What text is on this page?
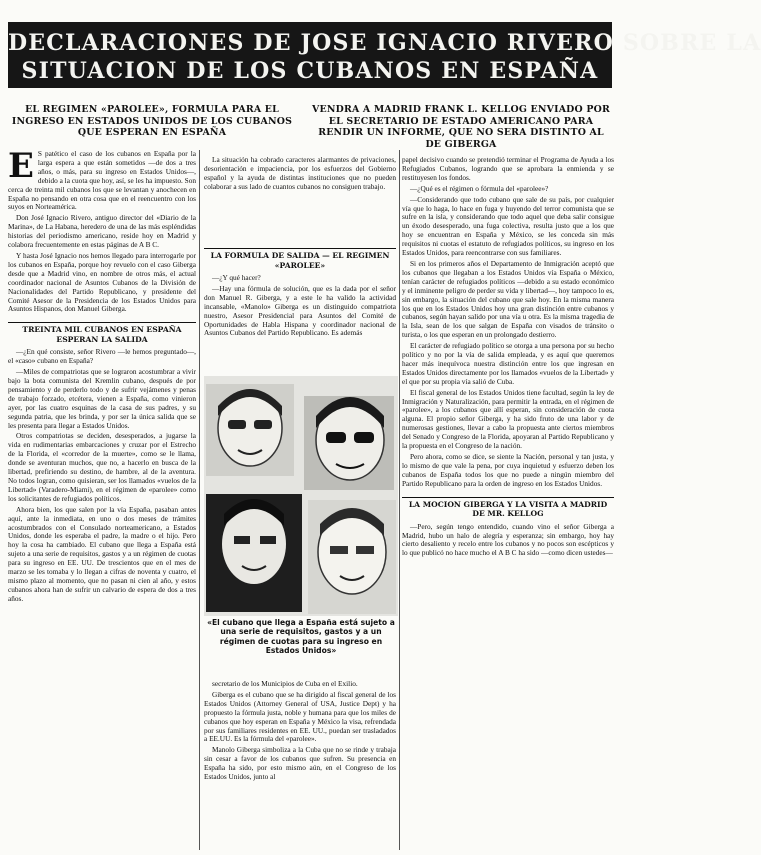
DECLARACIONES DE JOSE IGNACIO RIVERO SOBRE LA
SITUACION DE LOS CUBANOS EN ESPAÑA
EL REGIMEN «PAROLEE», FORMULA PARA EL INGRESO EN ESTADOS UNIDOS DE LOS CUBANOS QUE ESPERAN EN ESPAÑA
VENDRA A MADRID FRANK L. KELLOG ENVIADO POR EL SECRETARIO DE ESTADO AMERICANO PARA RENDIR UN INFORME, QUE NO SERA DISTINTO AL DE GIBERGA

E S patético el caso de los cubanos en España por la larga espera a que están sometidos —de dos a tres años, o más, para su ingreso en Estados Unidos—, debido a la cuota que hoy, así, se les ha impuesto. Son cerca de treinta mil cubanos los que se levantan y anochecen en España no pensando en otra cosa que en el reencuentro con los suyos en Norteamérica.

Don José Ignacio Rivero, antiguo director del «Diario de la Marina», de La Habana, heredero de una de las más espléndidas historias del periodismo americano, reside hoy en Madrid y colabora frecuentemente en estas páginas de A B C.

Y hasta José Ignacio nos hemos llegado para interrogarle por los cubanos en España, porque hoy revuelo con el caso Giberga desde que a Madrid vino, en nombre de otros más, el actual coordinador nacional de Asuntos Cubanos de la División de Nacionalidades del Partido Republicano, y presidente del Comité Asesor de la Presidencia de los Estados Unidos para Asuntos Hispanos, don Manuel Giberga.

TREINTA MIL CUBANOS EN ESPAÑA ESPERAN LA SALIDA

—¿En qué consiste, señor Rivero —le hemos preguntado—, el «caso» cubano en España?

—Miles de compatriotas que se lograron acostumbrar a vivir bajo la bota comunista del Kremlin cubano, después de por pensamiento y de perderlo todo y de sufrir vejámenes y penas de trabajo forzado, etcétera, vienen a España, como vinieron ayer, por las cuatro esquinas de la casa de sus padres, y su segunda patria, que les brinda, y por ser la única salida que se les presenta para llegar a Estados Unidos.

Otros compatriotas se deciden, desesperados, a jugarse la vida en rudimentarias embarcaciones y cruzar por el Estrecho de la Florida, el «corredor de la muerte», como se le llama, donde se aventuran muchos, que no, a hacerlo en busca de la libertad, prefiriendo su destino, de hambre, al de la aventura. No todos logran, como quisieran, ser los llamados «vuelos de la Libertad» (Varadero-Miami), en el régimen de «parolee» como los solicitantes de refugiados políticos.

Ahora bien, los que salen por la vía España, pasaban antes aquí, ante la inmediata, en uno o dos meses de trámites acostumbrados con el Consulado norteamericano, a Estados Unidos, donde les esperaba el padre, la madre o el hijo. Pero hoy la cosa ha cambiado. El cubano que llega a España está sujeto a una serie de requisitos, gastos y a un régimen de cuotas para su ingreso en EE. UU. De trescientos que en el mes de marzo se les tomaba y lo llegan a cifras de noventa y cuatro, el mismo plazo al momento, que no pasan ni cien al año, y estos cubanos ahora han de sufrir un calvario de espera de dos a tres años.

La situación ha cobrado caracteres alarmantes de privaciones, desorientación e impaciencia, por los esfuerzos del Gobierno español y la ayuda de distintas instituciones que no pueden colaborar a sus lado de cuantos cubanos no consiguen trabajo.

LA FORMULA DE SALIDA — EL REGIMEN «PAROLEE»

—¿Y qué hacer?

—Hay una fórmula de solución, que es la dada por el señor don Manuel R. Giberga, y a este le ha valido la actividad incansable, «Manolo» Giberga es un distinguido compatriota nuestro, Asesor Presidencial para Asuntos del Comité de Oportunidades de Habla Hispana y coordinador nacional de Asuntos Cubanos del Partido Republicano. Es además

«El cubano que llega a España está sujeto a una serie de requisitos, gastos y a un régimen de cuotas para su ingreso en Estados Unidos»

secretario de los Municipios de Cuba en el Exilio.

Giberga es el cubano que se ha dirigido al fiscal general de los Estados Unidos (Attorney General of USA, Justice Dept) y ha propuesto la fórmula justa, noble y humana para que los miles de cubanos que hoy esperan en España y México la visa, refrendada por sus familiares residentes en EE. UU., puedan ser trasladados a EE.UU. Es la fórmula del «parolee».

Manolo Giberga simboliza a la Cuba que no se rinde y trabaja sin cesar a favor de los cubanos que sufren. Su presencia en España ha sido, por esto mismo aún, en el Congreso de los Estados Unidos, junto al

papel decisivo cuando se pretendió terminar el Programa de Ayuda a los Refugiados Cubanos, logrando que se aprobara la enmienda y se restituyesen los fondos.

—¿Qué es el régimen o fórmula del «parolee»?

—Considerando que todo cubano que sale de su país, por cualquier vía que lo haga, lo hace en fuga y huyendo del terror comunista que se sufre en la isla, y considerando que todo aquel que deba salir consigue un éxodo desesperado, una fuga colectiva, resulta justo que a los que hoy se encuentran en España y México, se les conceda sin más requisitos ni cuotas el estatuto de refugiados políticos, su ingreso en los Estados Unidos, para reencontrarse con sus familiares.

Si en los primeros años el Departamento de Inmigración aceptó que los cubanos que llegaban a los Estados Unidos vía España o México, tenían carácter de refugiados políticos —debido a su estado económico y el inminente peligro de perder su vida y libertad—, hoy tampoco lo es, sin embargo, la situación del cubano que sale hoy. En la misma manera los que en los Estados Unidos hoy una gran distinción entre cubanos y cubanos, según hayan salido por una vía u otra. Es la misma tragedia de la Isla, sean de los que salgan de España con visados de tránsito o turista, o los que esperan en un prolongado destierro.

El carácter de refugiado político se otorga a una persona por su hecho político y no por la vía de salida empleada, y es aquí que queremos hacer más inequívoca nuestra distinción entre los que ingresan en Estados Unidos directamente por los llamados «vuelos de la Libertad» y el que por su propia vía salió de Cuba.

El fiscal general de los Estados Unidos tiene facultad, según la ley de Inmigración y Naturalización, para permitir la entrada, en el régimen de «parolee», a los cubanos que allí esperan, sin consideración de cuota alguna. El propio señor Giberga, y ha sido fruto de una labor y de numerosas gestiones, llevar a cabo la propuesta ante ciertos miembros del Senado y Congreso de la Florida, apoyaran al Partido Republicano y la propuesta en el Congreso de la nación.

Pero ahora, como se dice, se siente la Nación, personal y tan justa, y lo mismo de que vale la pena, por cuya inquietud y esfuerzo deben los cubanos de España todos los que no puede a ningún miembro del Partido Republicano para la orden de ingreso en los Estados Unidos.

LA MOCION GIBERGA Y LA VISITA A MADRID DE MR. KELLOG

—Pero, según tengo entendido, cuando vino el señor Giberga a Madrid, hubo un halo de alegría y esperanza; sin embargo, hoy hay cierto desaliento y recelo entre los cubanos y no pocos son escépticos y lo que publicó no hace mucho el A B C ha sido —como dicen ustedes—
